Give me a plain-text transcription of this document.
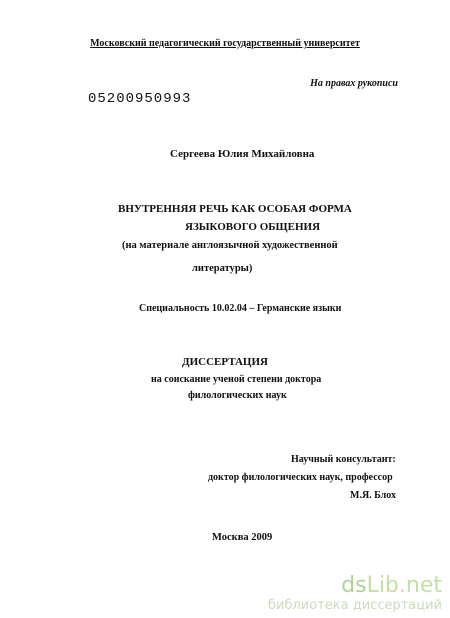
Московский педагогический государственный университет
На правах рукописи
05200950993
Сергеева Юлия Михайловна
ВНУТРЕННЯЯ РЕЧЬ КАК ОСОБАЯ ФОРМА
ЯЗЫКОВОГО ОБЩЕНИЯ
(на материале англоязычной художественной
литературы)
Специальность 10.02.04 – Германские языки
ДИССЕРТАЦИЯ
на соискание ученой степени доктора
филологических наук
Научный консультант:
доктор филологических наук, профессор
М.Я. Блох
Москва 2009
dsLib.net
библиотека диссертаций
